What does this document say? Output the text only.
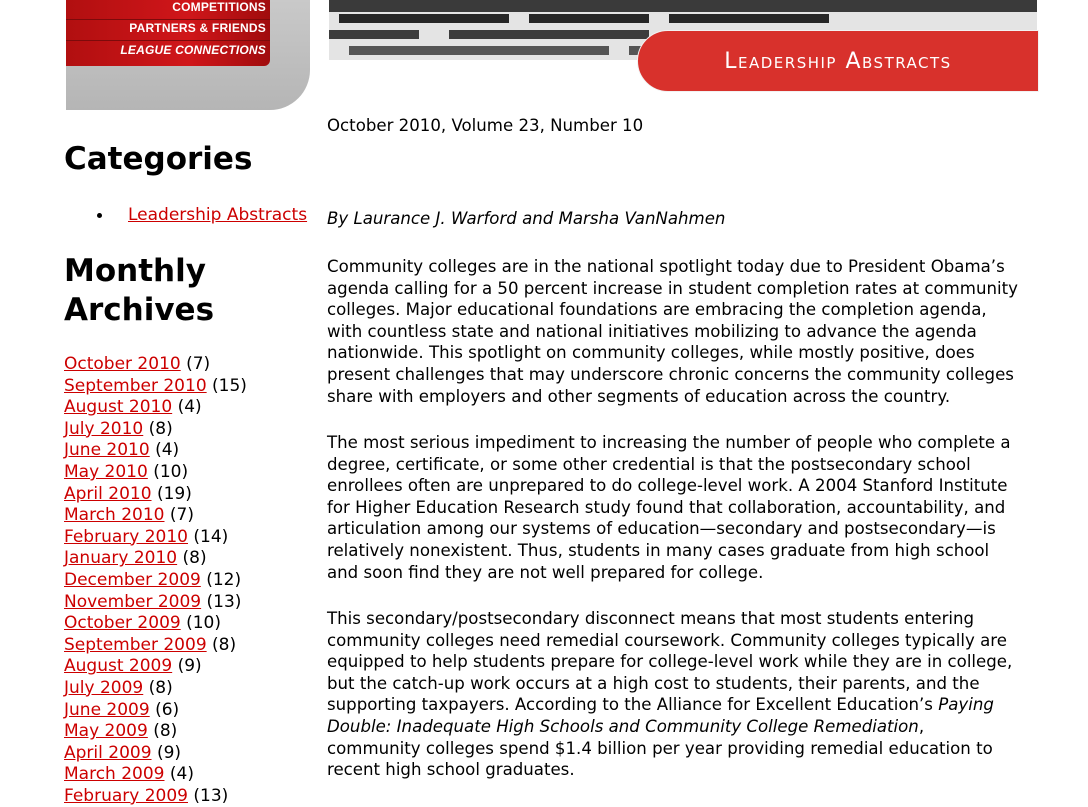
COMPETITIONS
PARTNERS & FRIENDS
LEAGUE CONNECTIONS	Leadership Abstracts
Categories
Leadership Abstracts
Monthly Archives
October 2010 (7)
September 2010 (15)
August 2010 (4)
July 2010 (8)
June 2010 (4)
May 2010 (10)
April 2010 (19)
March 2010 (7)
February 2010 (14)
January 2010 (8)
December 2009 (12)
November 2009 (13)
October 2009 (10)
September 2009 (8)
August 2009 (9)
July 2009 (8)
June 2009 (6)
May 2009 (8)
April 2009 (9)
March 2009 (4)
February 2009 (13)

October 2010, Volume 23, Number 10

By Laurance J. Warford and Marsha VanNahmen

Community colleges are in the national spotlight today due to President Obama’s
agenda calling for a 50 percent increase in student completion rates at community
colleges. Major educational foundations are embracing the completion agenda,
with countless state and national initiatives mobilizing to advance the agenda
nationwide. This spotlight on community colleges, while mostly positive, does
present challenges that may underscore chronic concerns the community colleges
share with employers and other segments of education across the country.

The most serious impediment to increasing the number of people who complete a
degree, certificate, or some other credential is that the postsecondary school
enrollees often are unprepared to do college-level work. A 2004 Stanford Institute
for Higher Education Research study found that collaboration, accountability, and
articulation among our systems of education—secondary and postsecondary—is
relatively nonexistent. Thus, students in many cases graduate from high school
and soon find they are not well prepared for college.

This secondary/postsecondary disconnect means that most students entering
community colleges need remedial coursework. Community colleges typically are
equipped to help students prepare for college-level work while they are in college,
but the catch-up work occurs at a high cost to students, their parents, and the
supporting taxpayers. According to the Alliance for Excellent Education’s Paying
Double: Inadequate High Schools and Community College Remediation,
community colleges spend $1.4 billion per year providing remedial education to
recent high school graduates.
